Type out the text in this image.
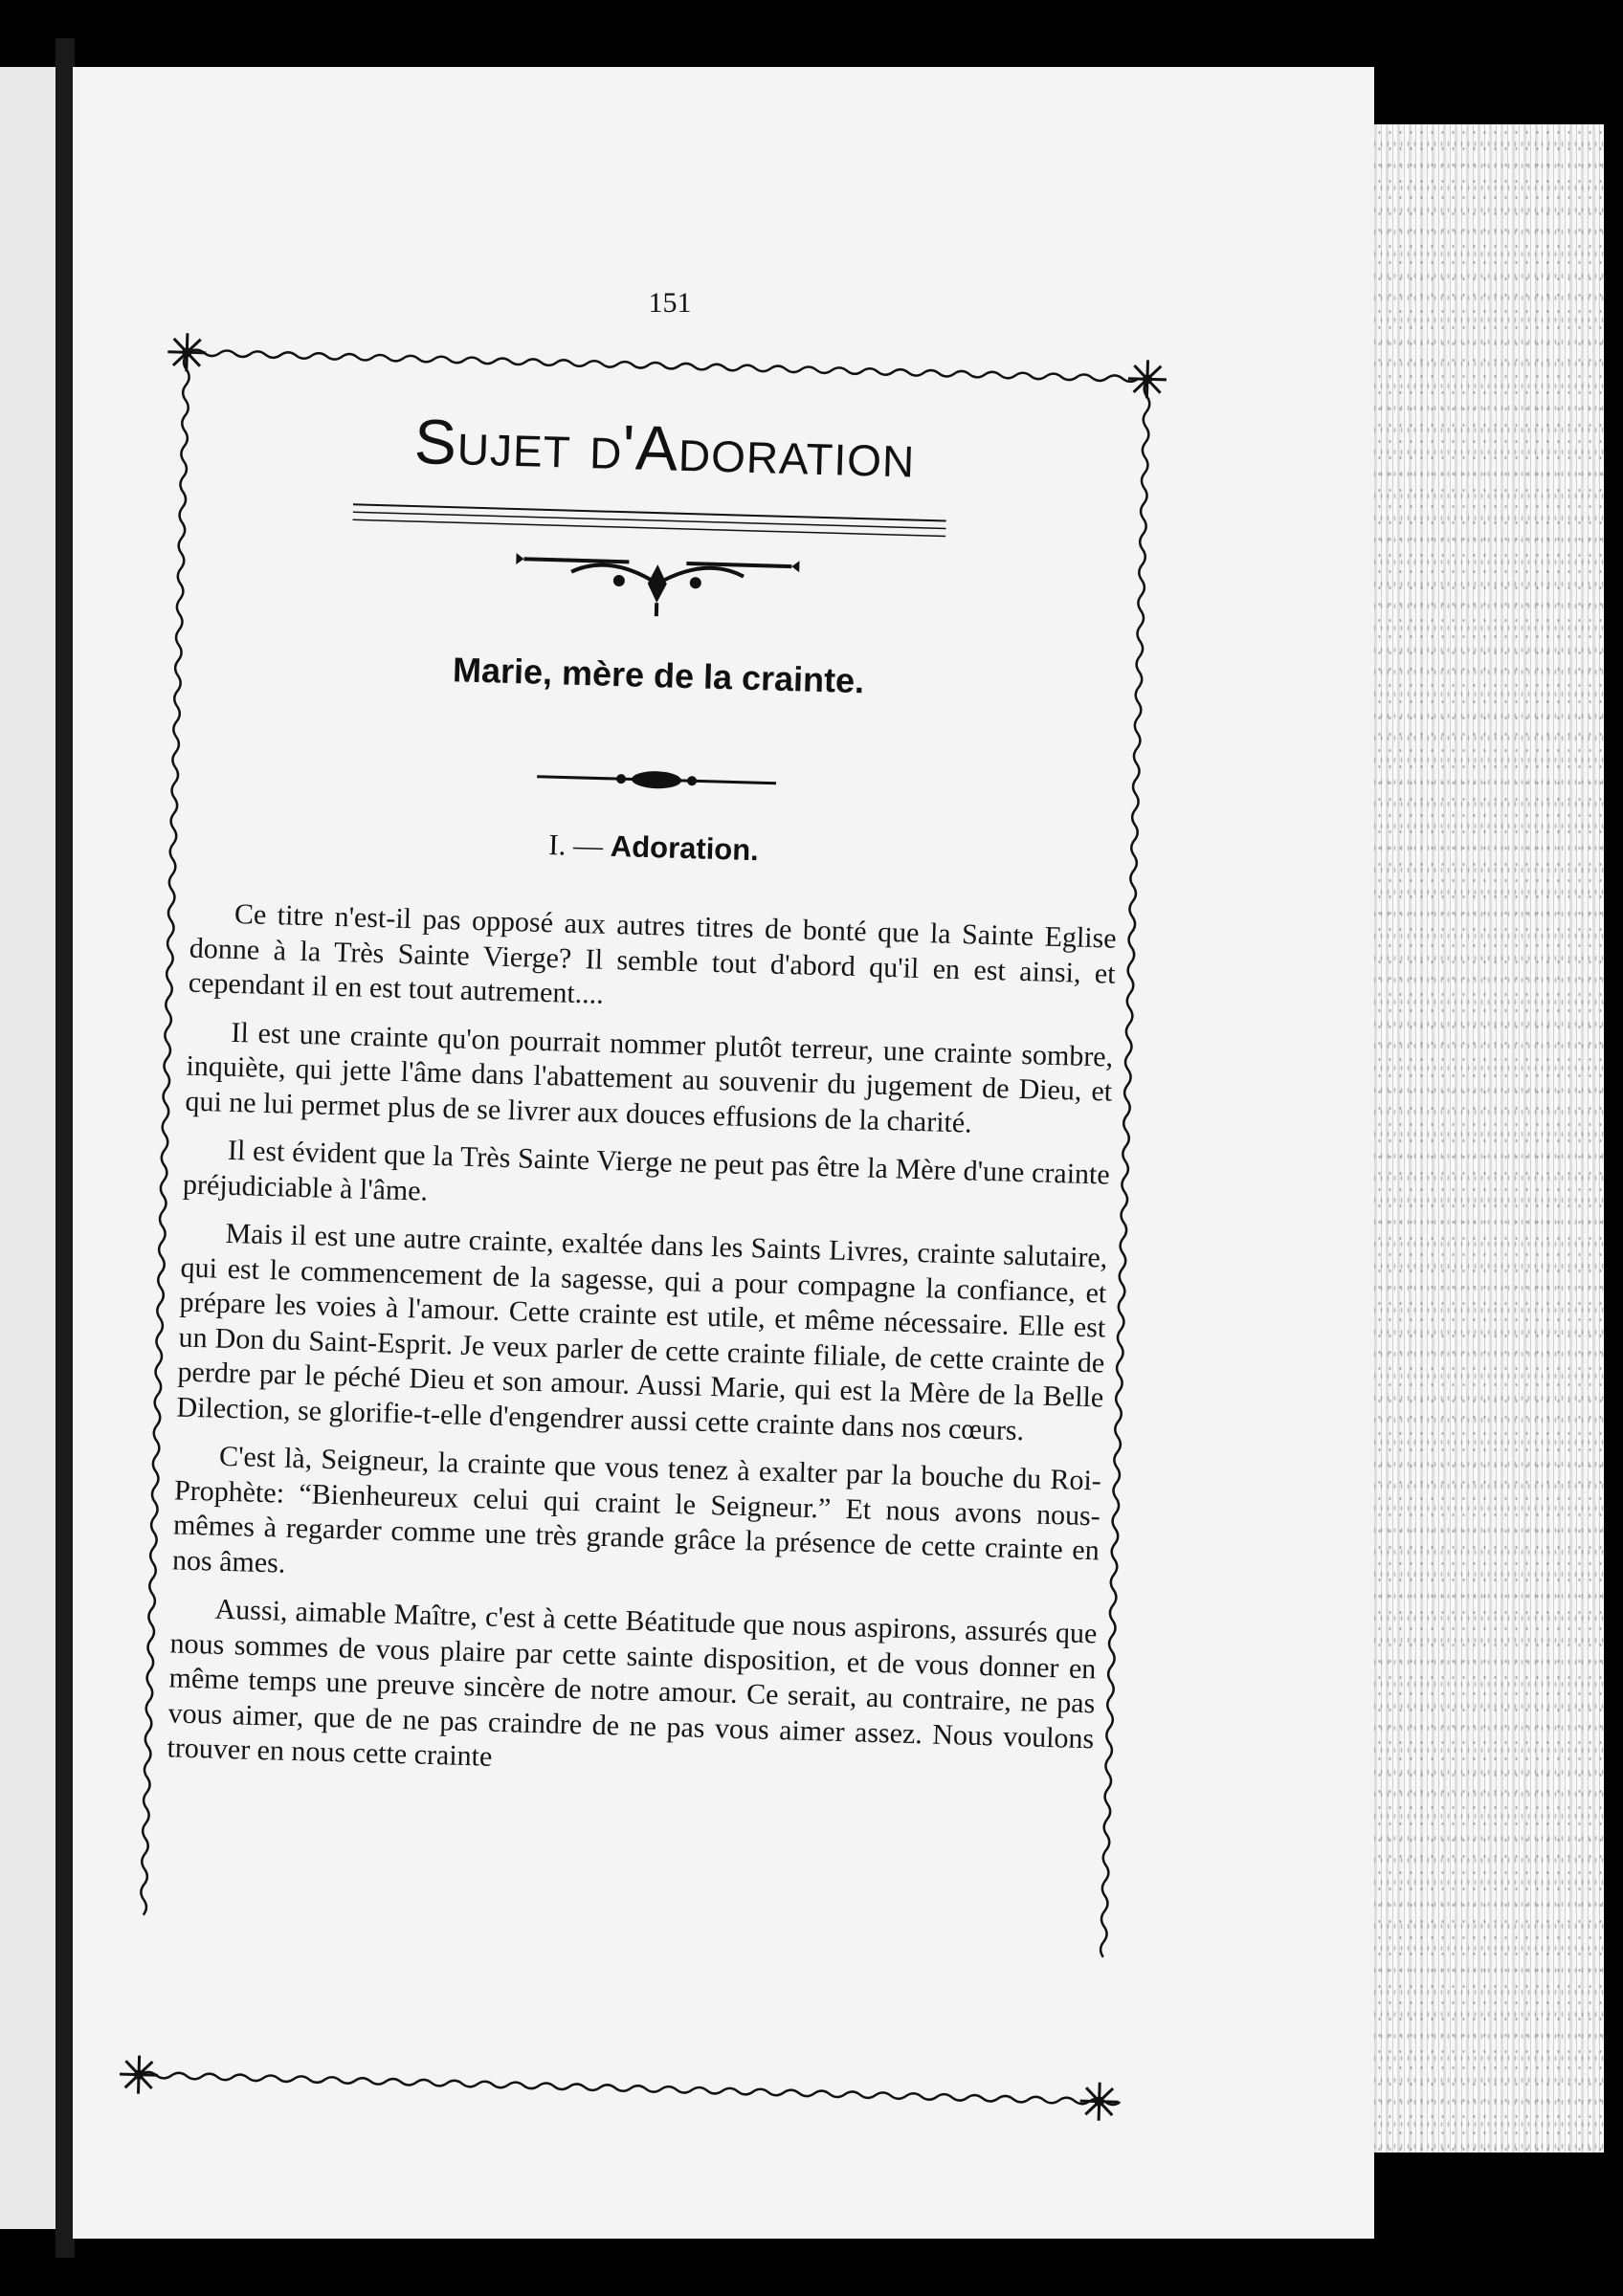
151
Sujet d'Adoration
Marie, mère de la crainte.
I. — Adoration.

Ce titre n'est-il pas opposé aux autres titres de bonté que la Sainte Eglise donne à la Très Sainte Vierge? Il semble tout d'abord qu'il en est ainsi, et cependant il en est tout autrement....

Il est une crainte qu'on pourrait nommer plutôt terreur, une crainte sombre, inquiète, qui jette l'âme dans l'abattement au souvenir du jugement de Dieu, et qui ne lui permet plus de se livrer aux douces effusions de la charité.

Il est évident que la Très Sainte Vierge ne peut pas être la Mère d'une crainte préjudiciable à l'âme.

Mais il est une autre crainte, exaltée dans les Saints Livres, crainte salutaire, qui est le commencement de la sagesse, qui a pour compagne la confiance, et prépare les voies à l'amour. Cette crainte est utile, et même nécessaire. Elle est un Don du Saint-Esprit. Je veux parler de cette crainte filiale, de cette crainte de perdre par le péché Dieu et son amour. Aussi Marie, qui est la Mère de la Belle Dilection, se glorifie-t-elle d'engendrer aussi cette crainte dans nos cœurs.

C'est là, Seigneur, la crainte que vous tenez à exalter par la bouche du Roi-Prophète: “Bienheureux celui qui craint le Seigneur.” Et nous avons nous-mêmes à regarder comme une très grande grâce la présence de cette crainte en nos âmes.

Aussi, aimable Maître, c'est à cette Béatitude que nous aspirons, assurés que nous sommes de vous plaire par cette sainte disposition, et de vous donner en même temps une preuve sincère de notre amour. Ce serait, au contraire, ne pas vous aimer, que de ne pas craindre de ne pas vous aimer assez. Nous voulons trouver en nous cette crainte
